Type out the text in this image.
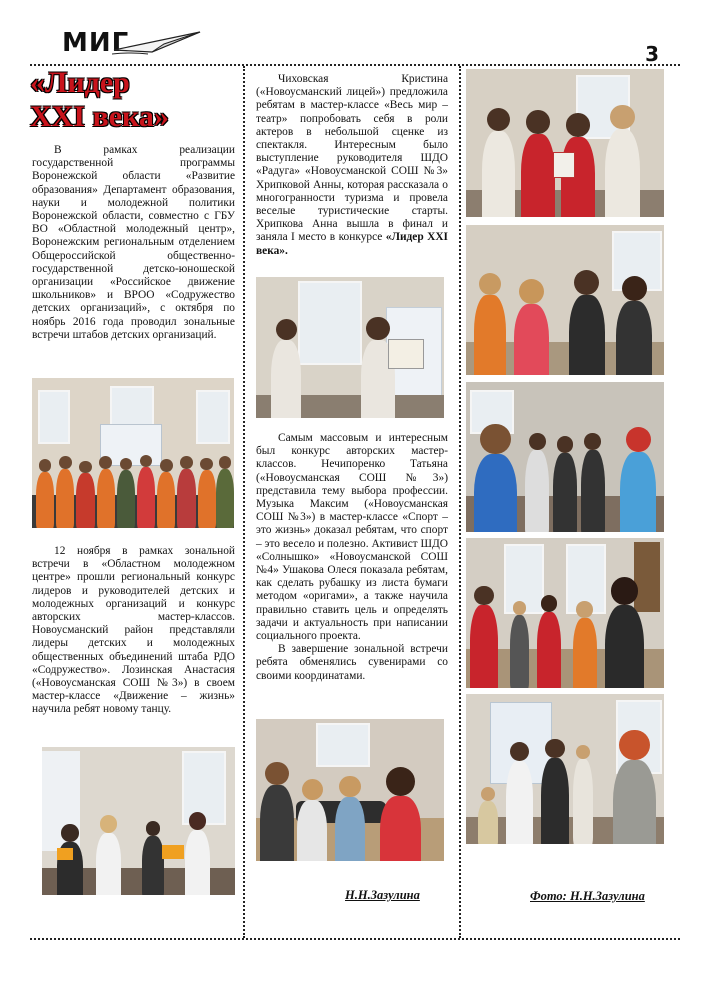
МИГ	3
«Лидер
XXI века»

В рамках реализации государственной программы Воронежской области «Развитие образования» Департамент образования, науки и молодежной политики Воронежской области, совместно с ГБУ ВО «Областной молодежный центр», Воронежским региональным отделением Общероссийской общественно-государственной детско-юношеской организации «Российское движение школьников» и ВРОО «Содружество детских организаций», с октября по ноябрь 2016 года проводил зональные встречи штабов детских организаций.

12 ноября в рамках зональной встречи в «Областном молодежном центре» прошли региональный конкурс лидеров и руководителей детских и молодежных организаций и конкурс авторских мастер-классов. Новоусманский район представляли лидеры детских и молодежных общественных объединений штаба РДО «Содружество». Лозинская Анастасия («Новоусманская СОШ №3») в своем мастер-классе «Движение – жизнь» научила ребят новому танцу.

Чиховская Кристина («Новоусманский лицей») предложила ребятам в мастер-классе «Весь мир – театр» попробовать себя в роли актеров в небольшой сценке из спектакля. Интересным было выступление руководителя ШДО «Радуга» «Новоусманской СОШ №3» Хрипковой Анны, которая рассказала о многогранности туризма и провела веселые туристические старты. Хрипкова Анна вышла в финал и заняла I место в конкурсе «Лидер XXI века».

Самым массовым и интересным был конкурс авторских мастер-классов. Нечипоренко Татьяна («Новоусманская СОШ №3») представила тему выбора профессии. Музыка Максим («Новоусманская СОШ №3») в мастер-классе «Спорт – это жизнь» доказал ребятам, что спорт – это весело и полезно. Активист ШДО «Солнышко» «Новоусманской СОШ №4» Ушакова Олеся показала ребятам, как сделать рубашку из листа бумаги методом «оригами», а также научила правильно ставить цель и определять задачи и актуальность при написании социального проекта.

В завершение зональной встречи ребята обменялись сувенирами со своими координатами.

Н.Н.Зазулина	Фото: Н.Н.Зазулина
